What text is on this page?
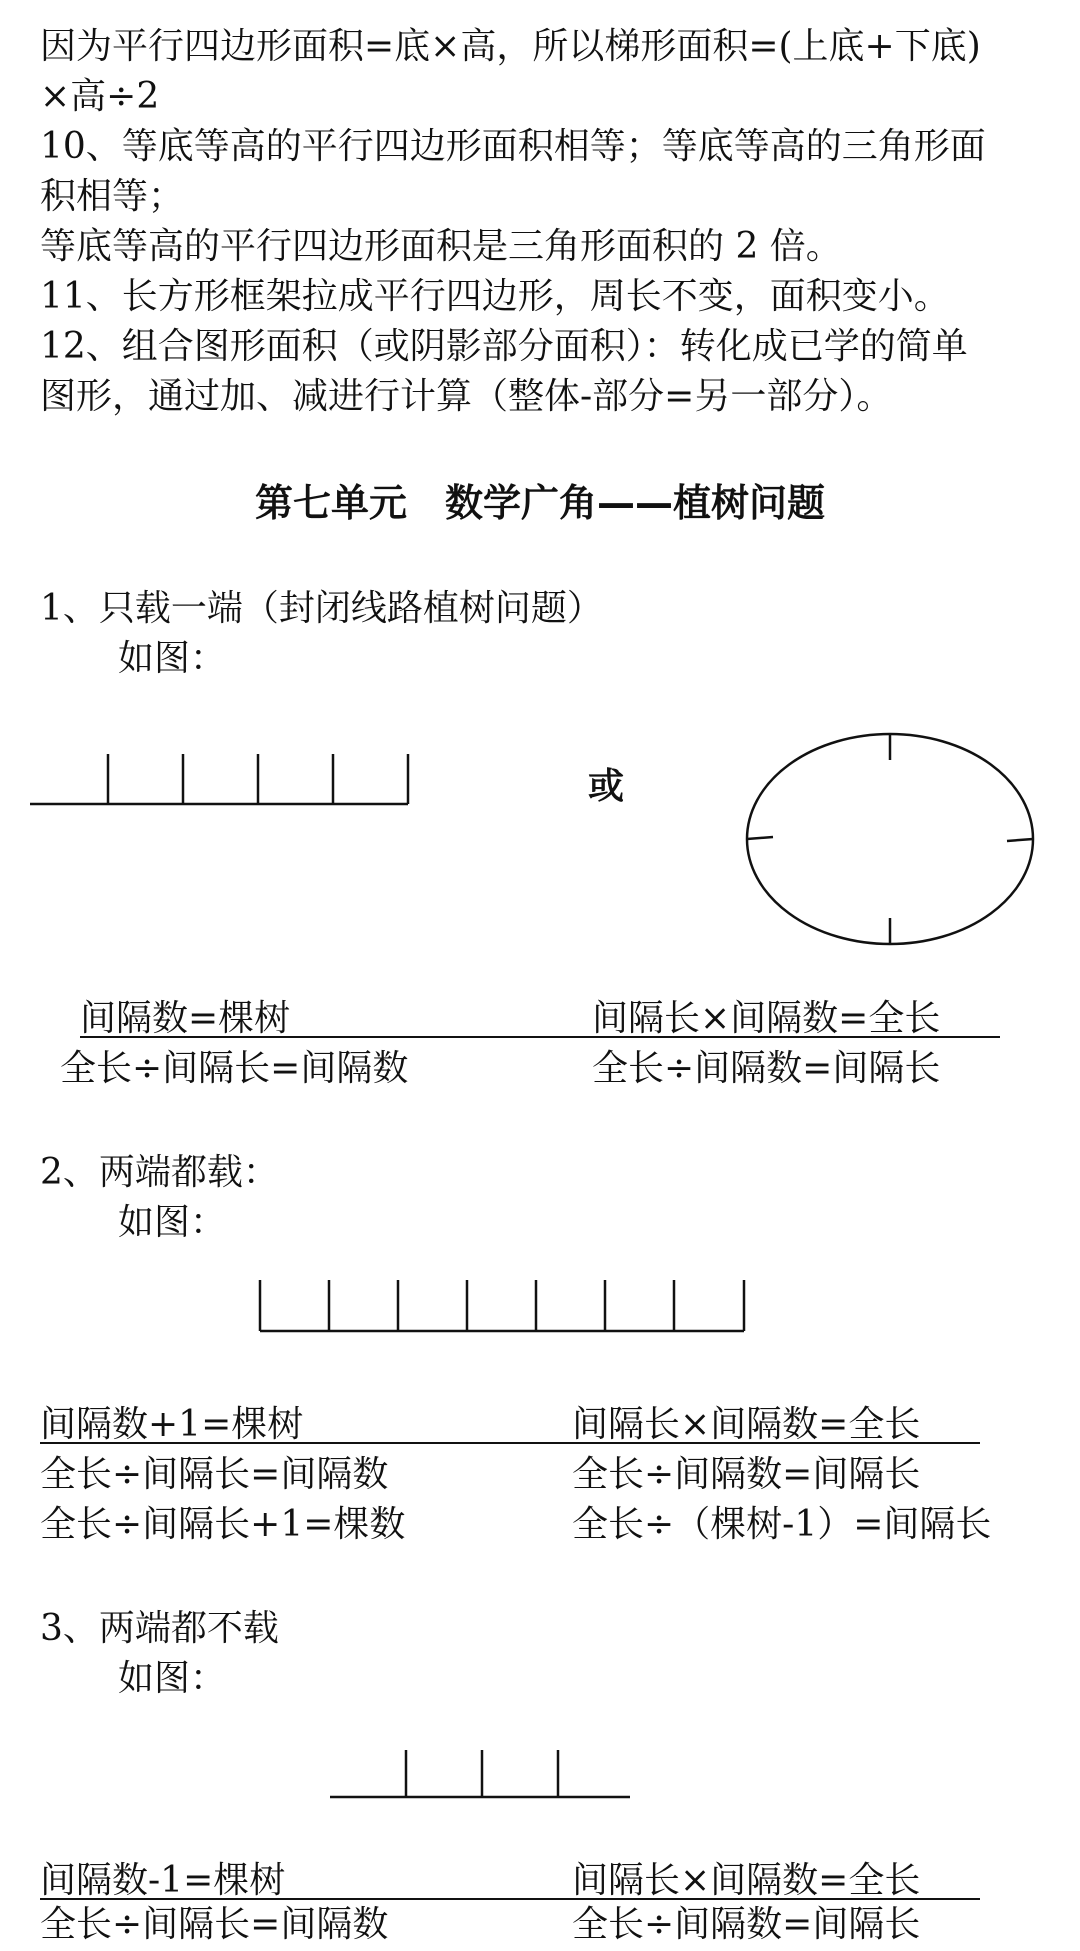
因为平行四边形面积=底×高，所以梯形面积=(上底+下底)
×高÷2
10、等底等高的平行四边形面积相等；等底等高的三角形面
积相等；
等底等高的平行四边形面积是三角形面积的 2 倍。
11、长方形框架拉成平行四边形，周长不变，面积变小。
12、组合图形面积（或阴影部分面积）：转化成已学的简单
图形，通过加、减进行计算（整体-部分=另一部分）。
第七单元　数学广角——植树问题
1、只载一端（封闭线路植树问题）
如图：
或
间隔数=棵树	间隔长×间隔数=全长
全长÷间隔长=间隔数	全长÷间隔数=间隔长
2、两端都载：
如图：
间隔数+1=棵树	间隔长×间隔数=全长
全长÷间隔长=间隔数	全长÷间隔数=间隔长
全长÷间隔长+1=棵数	全长÷（棵树-1）=间隔长
3、两端都不载
如图：
间隔数-1=棵树	间隔长×间隔数=全长
全长÷间隔长=间隔数	全长÷间隔数=间隔长
